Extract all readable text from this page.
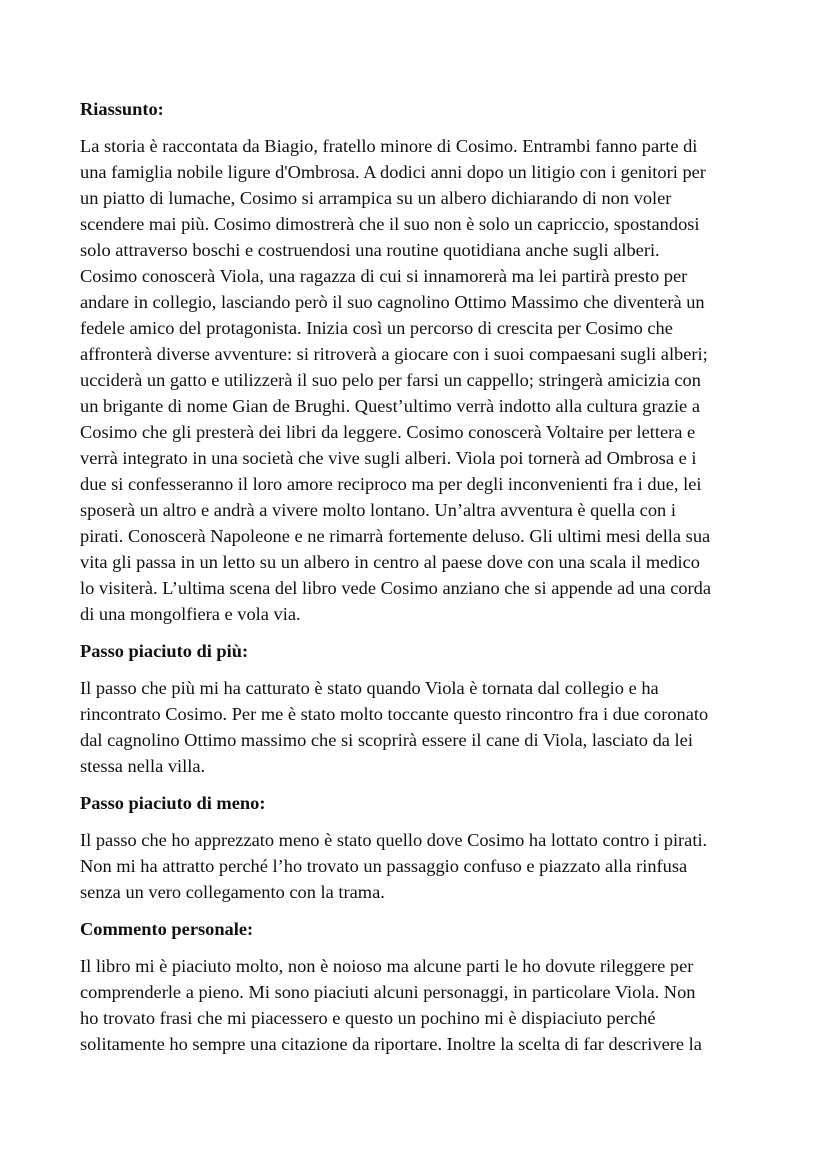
Riassunto:

La storia è raccontata da Biagio, fratello minore di Cosimo. Entrambi fanno parte di
una famiglia nobile ligure d'Ombrosa. A dodici anni dopo un litigio con i genitori per
un piatto di lumache, Cosimo si arrampica su un albero dichiarando di non voler
scendere mai più. Cosimo dimostrerà che il suo non è solo un capriccio, spostandosi
solo attraverso boschi e costruendosi una routine quotidiana anche sugli alberi.
Cosimo conoscerà Viola, una ragazza di cui si innamorerà ma lei partirà presto per
andare in collegio, lasciando però il suo cagnolino Ottimo Massimo che diventerà un
fedele amico del protagonista. Inizia così un percorso di crescita per Cosimo che
affronterà diverse avventure: si ritroverà a giocare con i suoi compaesani sugli alberi;
ucciderà un gatto e utilizzerà il suo pelo per farsi un cappello; stringerà amicizia con
un brigante di nome Gian de Brughi. Quest’ultimo verrà indotto alla cultura grazie a
Cosimo che gli presterà dei libri da leggere. Cosimo conoscerà Voltaire per lettera e
verrà integrato in una società che vive sugli alberi. Viola poi tornerà ad Ombrosa e i
due si confesseranno il loro amore reciproco ma per degli inconvenienti fra i due, lei
sposerà un altro e andrà a vivere molto lontano. Un’altra avventura è quella con i
pirati. Conoscerà Napoleone e ne rimarrà fortemente deluso. Gli ultimi mesi della sua
vita gli passa in un letto su un albero in centro al paese dove con una scala il medico
lo visiterà. L’ultima scena del libro vede Cosimo anziano che si appende ad una corda
di una mongolfiera e vola via.

Passo piaciuto di più:

Il passo che più mi ha catturato è stato quando Viola è tornata dal collegio e ha
rincontrato Cosimo. Per me è stato molto toccante questo rincontro fra i due coronato
dal cagnolino Ottimo massimo che si scoprirà essere il cane di Viola, lasciato da lei
stessa nella villa.

Passo piaciuto di meno:

Il passo che ho apprezzato meno è stato quello dove Cosimo ha lottato contro i pirati.
Non mi ha attratto perché l’ho trovato un passaggio confuso e piazzato alla rinfusa
senza un vero collegamento con la trama.

Commento personale:

Il libro mi è piaciuto molto, non è noioso ma alcune parti le ho dovute rileggere per
comprenderle a pieno. Mi sono piaciuti alcuni personaggi, in particolare Viola. Non
ho trovato frasi che mi piacessero e questo un pochino mi è dispiaciuto perché
solitamente ho sempre una citazione da riportare. Inoltre la scelta di far descrivere la
